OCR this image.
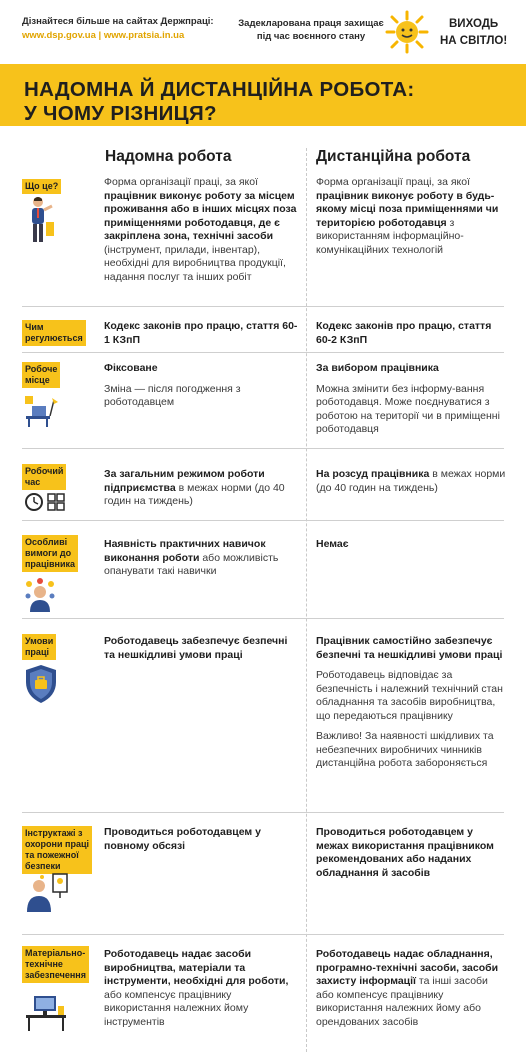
Дізнайтеся більше на сайтах Держпраці:
www.dsp.gov.ua | www.pratsia.in.ua
Задекларована праця захищає
під час воєнного стану
ВИХОДЬ
НА СВІТЛО!
НАДОМНА Й ДИСТАНЦІЙНА РОБОТА:
У ЧОМУ РІЗНИЦЯ?
Надомна робота	Дистанційна робота
Що це?
Чим
регулюється
Робоче
місце
Робочий
час
Особливі
вимоги до
працівника
Умови
праці
Інструктажі з
охорони праці
та пожежної
безпеки
Матеріально-
технічне
забезпечення
Форма організації праці, за якої працівник виконує роботу за місцем проживання або в інших місцях поза приміщеннями роботодавця, де є закріплена зона, технічні засоби (інструмент, прилади, інвентар), необхідні для виробництва продукції, надання послуг та інших робіт
Кодекс законів про працю, стаття 60-1 КЗпП
Фіксоване
Зміна — після погодження з роботодавцем
За загальним режимом роботи підприємства в межах норми (до 40 годин на тиждень)
Наявність практичних навичок виконання роботи або можливість опанувати такі навички
Роботодавець забезпечує безпечні та нешкідливі умови праці
Проводиться роботодавцем у повному обсязі
Роботодавець надає засоби виробництва, матеріали та інструменти, необхідні для роботи, або компенсує працівнику використання належних йому інструментів
Форма організації праці, за якої працівник виконує роботу в будь-якому місці поза приміщеннями чи територією роботодавця з використанням інформаційно-комунікаційних технологій
Кодекс законів про працю, стаття 60-2 КЗпП
За вибором працівника
Можна змінити без інформу-вання роботодавця. Може поєднуватися з роботою на території чи в приміщенні роботодавця
На розсуд працівника в межах норми (до 40 годин на тиждень)
Немає
Працівник самостійно забезпечує безпечні та нешкідливі умови праці
Роботодавець відповідає за безпечність і належний технічний стан обладнання та засобів виробництва, що передаються працівнику
Важливо! За наявності шкідливих та небезпечних виробничих чинників дистанційна робота забороняється
Проводиться роботодавцем у межах використання працівником рекомендованих або наданих обладнання й засобів
Роботодавець надає обладнання, програмно-технічні засоби, засоби захисту інформації та інші засоби або компенсує працівнику використання належних йому або орендованих засобів
